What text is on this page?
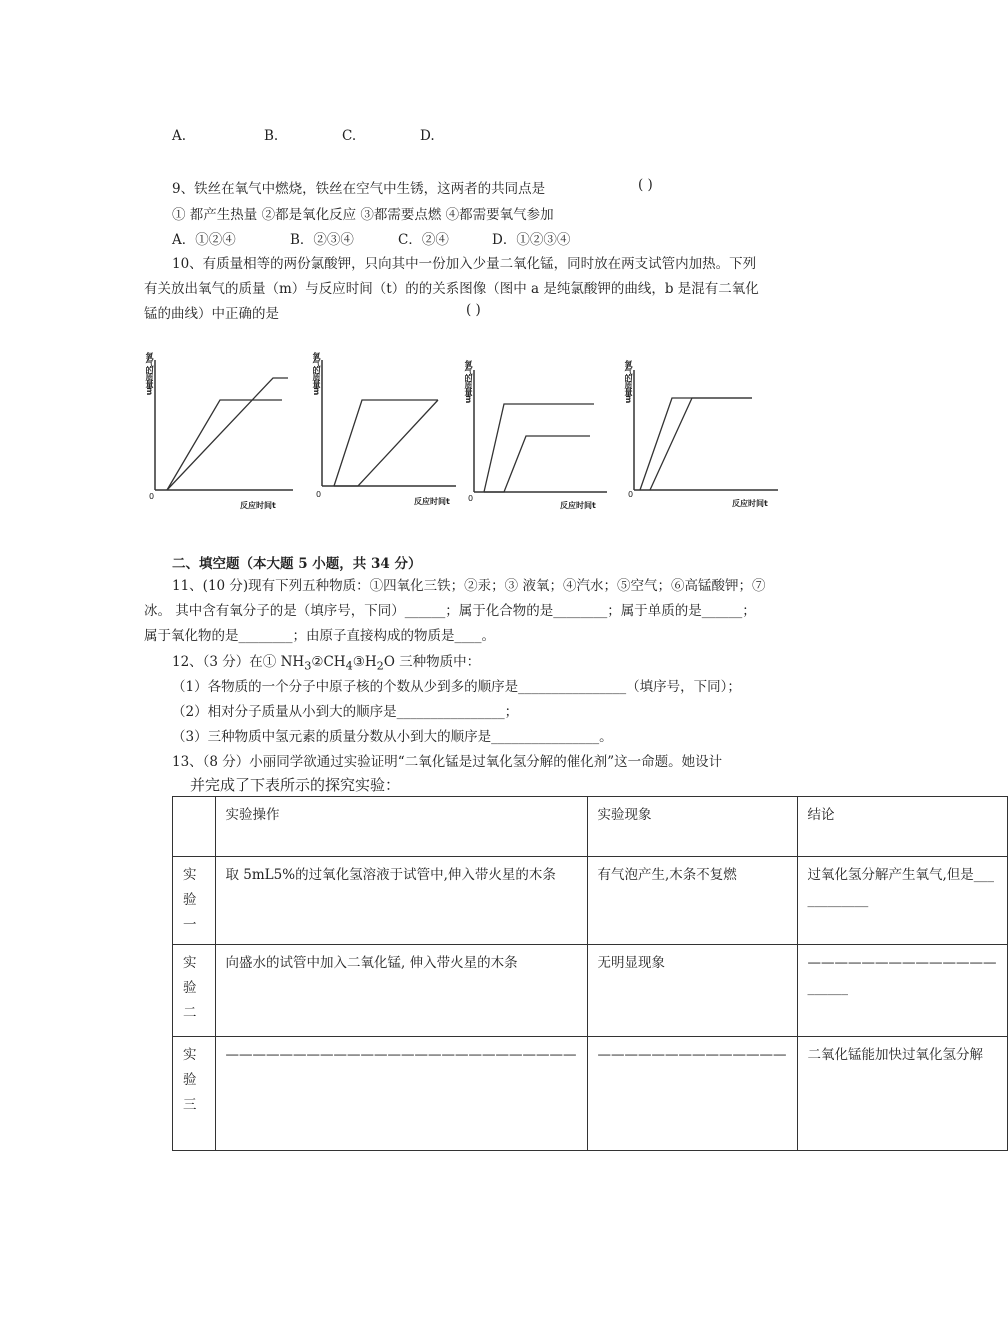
A.	B.	C.	D.
9、铁丝在氧气中燃烧，铁丝在空气中生锈，这两者的共同点是	( )
① 都产生热量 ②都是氧化反应 ③都需要点燃 ④都需要氧气参加
A．①②④	B．②③④	C．②④	D．①②③④
10、有质量相等的两份氯酸钾，只向其中一份加入少量二氧化锰，同时放在两支试管内加热。下列有关放出氧气的质量（m）与反应时间（t）的的关系图像（图中 a 是纯氯酸钾的曲线，b 是混有二氧化锰的曲线）中正确的是	( )
氧气的质量m
0
反应时间t
氧气的质量m
0
反应时间t
氧气的质量m
0
反应时间t
氧气的质量m
0
反应时间t
二、填空题（本大题 5 小题，共 34 分）
11、(10 分)现有下列五种物质：①四氧化三铁；②汞；③ 液氧；④汽水；⑤空气；⑥高锰酸钾；⑦冰。 其中含有氧分子的是（填序号，下同）______；属于化合物的是________；属于单质的是______；属于氧化物的是________；由原子直接构成的物质是____。
12、（3 分）在① $NH_3②CH_4③H_2O$ 三种物质中：
（1）各物质的一个分子中原子核的个数从少到多的顺序是________________（填序号，下同）；
（2）相对分子质量从小到大的顺序是________________；
（3）三种物质中氢元素的质量分数从小到大的顺序是________________。
13、（8 分）小丽同学欲通过实验证明“二氧化锰是过氧化氢分解的催化剂”这一命题。她设计
并完成了下表所示的探究实验：
	实验操作	实验现象	结论
实 验 一	取 5mL5%的过氧化氢溶液于试管中,伸入带火星的木条	有气泡产生,木条不复燃	过氧化氢分解产生氧气,但是____________
实 验 二	向盛水的试管中加入二氧化锰, 伸入带火星的木条	无明显现象	——————————————______
实 验 三	——————————————————————————	——————————————	二氧化锰能加快过氧化氢分解
